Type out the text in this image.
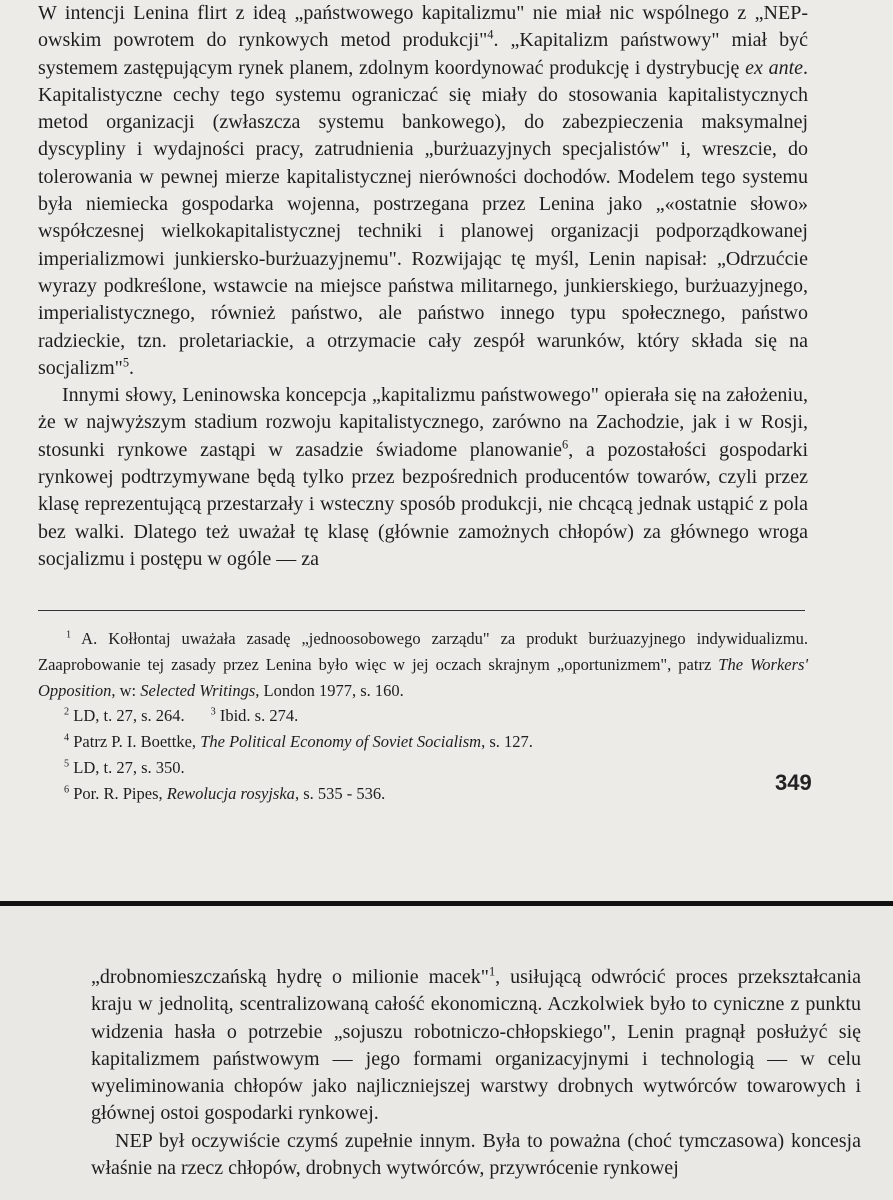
W intencji Lenina flirt z ideą „państwowego kapitalizmu" nie miał nic wspólnego z „NEP-owskim powrotem do rynkowych metod produkcji"$^4$. „Kapitalizm państwowy" miał być systemem zastępującym rynek planem, zdolnym koordynować produkcję i dystrybucję ex ante. Kapitalistyczne cechy tego systemu ograniczać się miały do stosowania kapitalistycznych metod organizacji (zwłaszcza systemu bankowego), do zabezpieczenia maksymalnej dyscypliny i wydajności pracy, zatrudnienia „burżuazyjnych specjalistów" i, wreszcie, do tolerowania w pewnej mierze kapitalistycznej nierówności dochodów. Modelem tego systemu była niemiecka gospodarka wojenna, postrzegana przez Lenina jako „«ostatnie słowo» współczesnej wielkokapitalistycznej techniki i planowej organizacji podporządkowanej imperializmowi junkiersko-burżuazyjnemu". Rozwijając tę myśl, Lenin napisał: „Odrzućcie wyrazy podkreślone, wstawcie na miejsce państwa militarnego, junkierskiego, burżuazyjnego, imperialistycznego, również państwo, ale państwo innego typu społecznego, państwo radzieckie, tzn. proletariackie, a otrzymacie cały zespół warunków, który składa się na socjalizm"$^5$.

Innymi słowy, Leninowska koncepcja „kapitalizmu państwowego" opierała się na założeniu, że w najwyższym stadium rozwoju kapitalistycznego, zarówno na Zachodzie, jak i w Rosji, stosunki rynkowe zastąpi w zasadzie świadome planowanie$^6$, a pozostałości gospodarki rynkowej podtrzymywane będą tylko przez bezpośrednich producentów towarów, czyli przez klasę reprezentującą przestarzały i wsteczny sposób produkcji, nie chcącą jednak ustąpić z pola bez walki. Dlatego też uważał tę klasę (głównie zamożnych chłopów) za głównego wroga socjalizmu i postępu w ogóle — za

$^1$ A. Kołłontaj uważała zasadę „jednoosobowego zarządu" za produkt burżuazyjnego indywidualizmu. Zaaprobowanie tej zasady przez Lenina było więc w jej oczach skrajnym „oportunizmem", patrz The Workers' Opposition, w: Selected Writings, London 1977, s. 160.

$^2$ LD, t. 27, s. 264.	$^3$ Ibid. s. 274.

$^4$ Patrz P. I. Boettke, The Political Economy of Soviet Socialism, s. 127.

$^5$ LD, t. 27, s. 350.

$^6$ Por. R. Pipes, Rewolucja rosyjska, s. 535 - 536.	349

„drobnomieszczańską hydrę o milionie macek"$^1$, usiłującą odwrócić proces przekształcania kraju w jednolitą, scentralizowaną całość ekonomiczną. Aczkolwiek było to cyniczne z punktu widzenia hasła o potrzebie „sojuszu robotniczo-chłopskiego", Lenin pragnął posłużyć się kapitalizmem państwowym — jego formami organizacyjnymi i technologią — w celu wyeliminowania chłopów jako najliczniejszej warstwy drobnych wytwórców towarowych i głównej ostoi gospodarki rynkowej.

NEP był oczywiście czymś zupełnie innym. Była to poważna (choć tymczasowa) koncesja właśnie na rzecz chłopów, drobnych wytwórców, przywrócenie rynkowej
